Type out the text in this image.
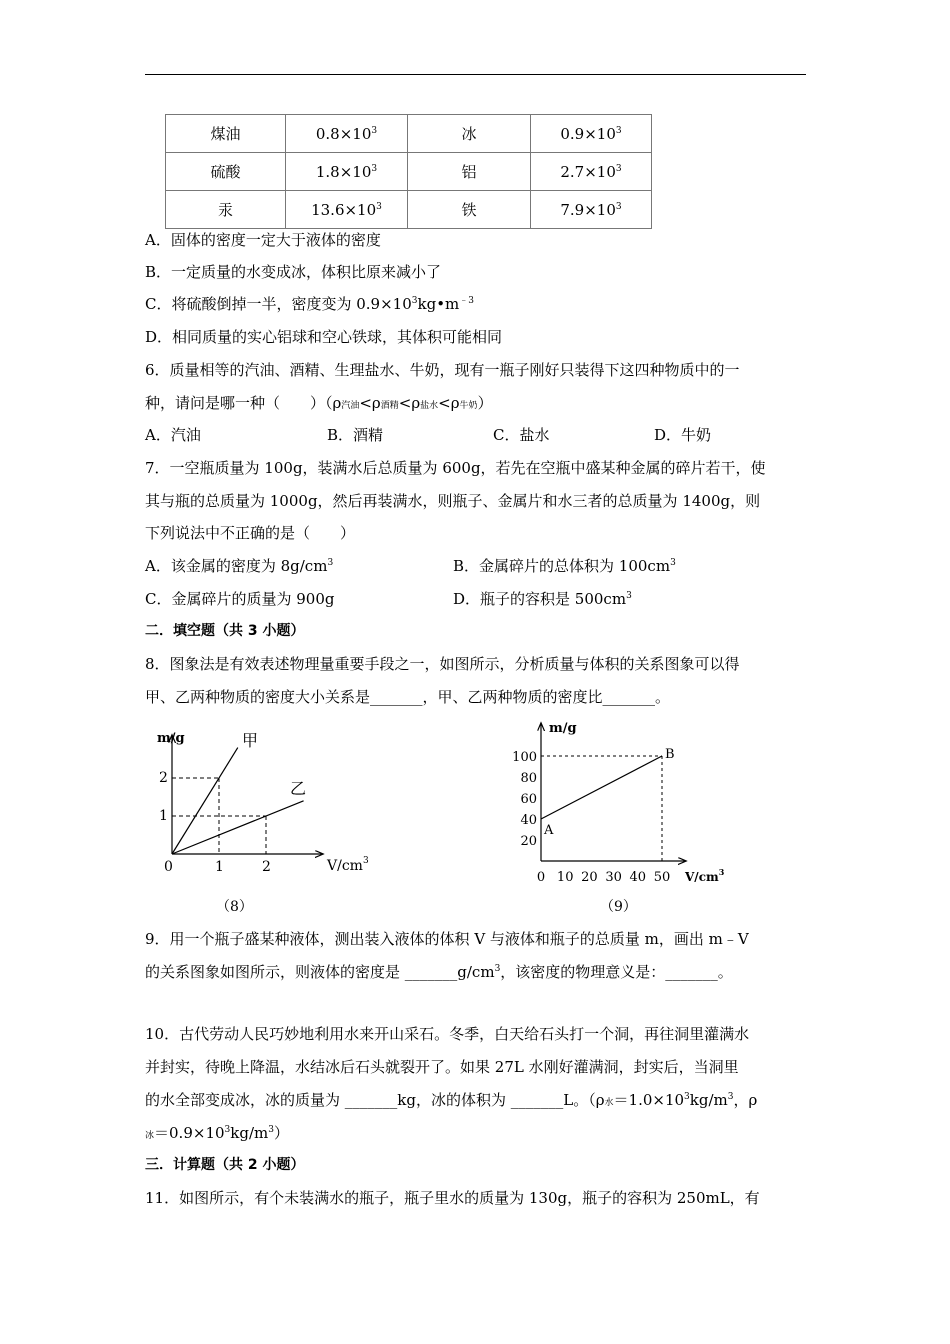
煤油	$0.8\times 10^3$	冰	$0.9\times 10^3$
硫酸	$1.8\times 10^3$	铝	$2.7\times 10^3$
汞	$13.6\times 10^3$	铁	$7.9\times 10^3$
A．固体的密度一定大于液体的密度
B．一定质量的水变成冰，体积比原来减小了
C．将硫酸倒掉一半，密度变为 $0.9\times 10^3kg•m^{﹣3}$
D．相同质量的实心铝球和空心铁球，其体积可能相同
6．质量相等的汽油、酒精、生理盐水、牛奶，现有一瓶子刚好只装得下这四种物质中的一
种，请问是哪一种（　　）（ρ汽油<ρ酒精<ρ盐水<ρ牛奶）
A．汽油	B．酒精	C．盐水	D．牛奶
7．一空瓶质量为 100g，装满水后总质量为 600g，若先在空瓶中盛某种金属的碎片若干，使
其与瓶的总质量为 1000g，然后再装满水，则瓶子、金属片和水三者的总质量为 1400g，则
下列说法中不正确的是（　　）
A．该金属的密度为 $8g/cm^3$	B．金属碎片的总体积为 $100cm^3$
C．金属碎片的质量为 900g	D．瓶子的容积是 $500cm^3$
二．填空题（共 3 小题）
8．图象法是有效表述物理量重要手段之一，如图所示，分析质量与体积的关系图象可以得
甲、乙两种物质的密度大小关系是_______，甲、乙两种物质的密度比_______。
m/g
2
1
0	1	2	$V/cm^3$
甲
乙
（8）
20
40
60
80
100
0 10 20 30 40 50
m/g
A
B
$V/cm^3$
（9）
9．用一个瓶子盛某种液体，测出装入液体的体积 V 与液体和瓶子的总质量 m，画出 m﹣V
的关系图象如图所示，则液体的密度是 $\_\_\_\_\_\_\_g/cm^3$，该密度的物理意义是：_______。
10．古代劳动人民巧妙地利用水来开山采石。冬季，白天给石头打一个洞，再往洞里灌满水
并封实，待晚上降温，水结冰后石头就裂开了。如果 27L 水刚好灌满洞，封实后，当洞里
的水全部变成冰，冰的质量为 _______kg，冰的体积为 _______L。（ρ水$=1.0\times 10^3kg/m^3$，ρ
冰$=0.9\times 10^3kg/m^3$）
三．计算题（共 2 小题）
11．如图所示，有个未装满水的瓶子，瓶子里水的质量为 130g，瓶子的容积为 250mL，有
